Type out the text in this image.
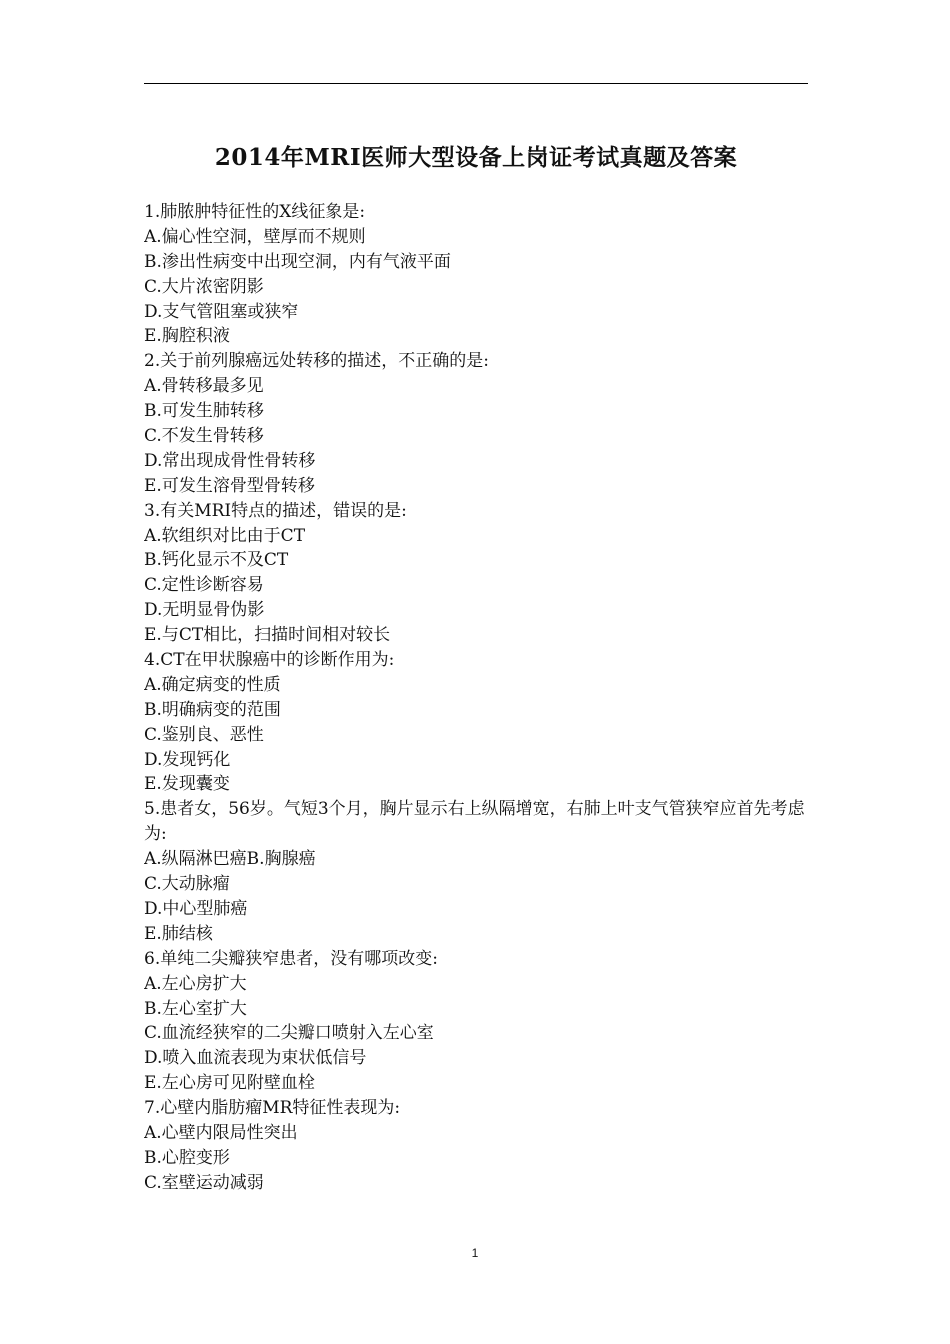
2014年MRI医师大型设备上岗证考试真题及答案
1.肺脓肿特征性的X线征象是:
A.偏心性空洞，壁厚而不规则
B.渗出性病变中出现空洞，内有气液平面
C.大片浓密阴影
D.支气管阻塞或狭窄
E.胸腔积液
2.关于前列腺癌远处转移的描述，不正确的是:
A.骨转移最多见
B.可发生肺转移
C.不发生骨转移
D.常出现成骨性骨转移
E.可发生溶骨型骨转移
3.有关MRI特点的描述，错误的是:
A.软组织对比由于CT
B.钙化显示不及CT
C.定性诊断容易
D.无明显骨伪影
E.与CT相比，扫描时间相对较长
4.CT在甲状腺癌中的诊断作用为:
A.确定病变的性质
B.明确病变的范围
C.鉴别良、恶性
D.发现钙化
E.发现囊变
5.患者女，56岁。气短3个月，胸片显示右上纵隔增宽，右肺上叶支气管狭窄应首先考虑为:
A.纵隔淋巴癌B.胸腺癌
C.大动脉瘤
D.中心型肺癌
E.肺结核
6.单纯二尖瓣狭窄患者，没有哪项改变:
A.左心房扩大
B.左心室扩大
C.血流经狭窄的二尖瓣口喷射入左心室
D.喷入血流表现为束状低信号
E.左心房可见附壁血栓
7.心壁内脂肪瘤MR特征性表现为:
A.心壁内限局性突出
B.心腔变形
C.室壁运动减弱
1
